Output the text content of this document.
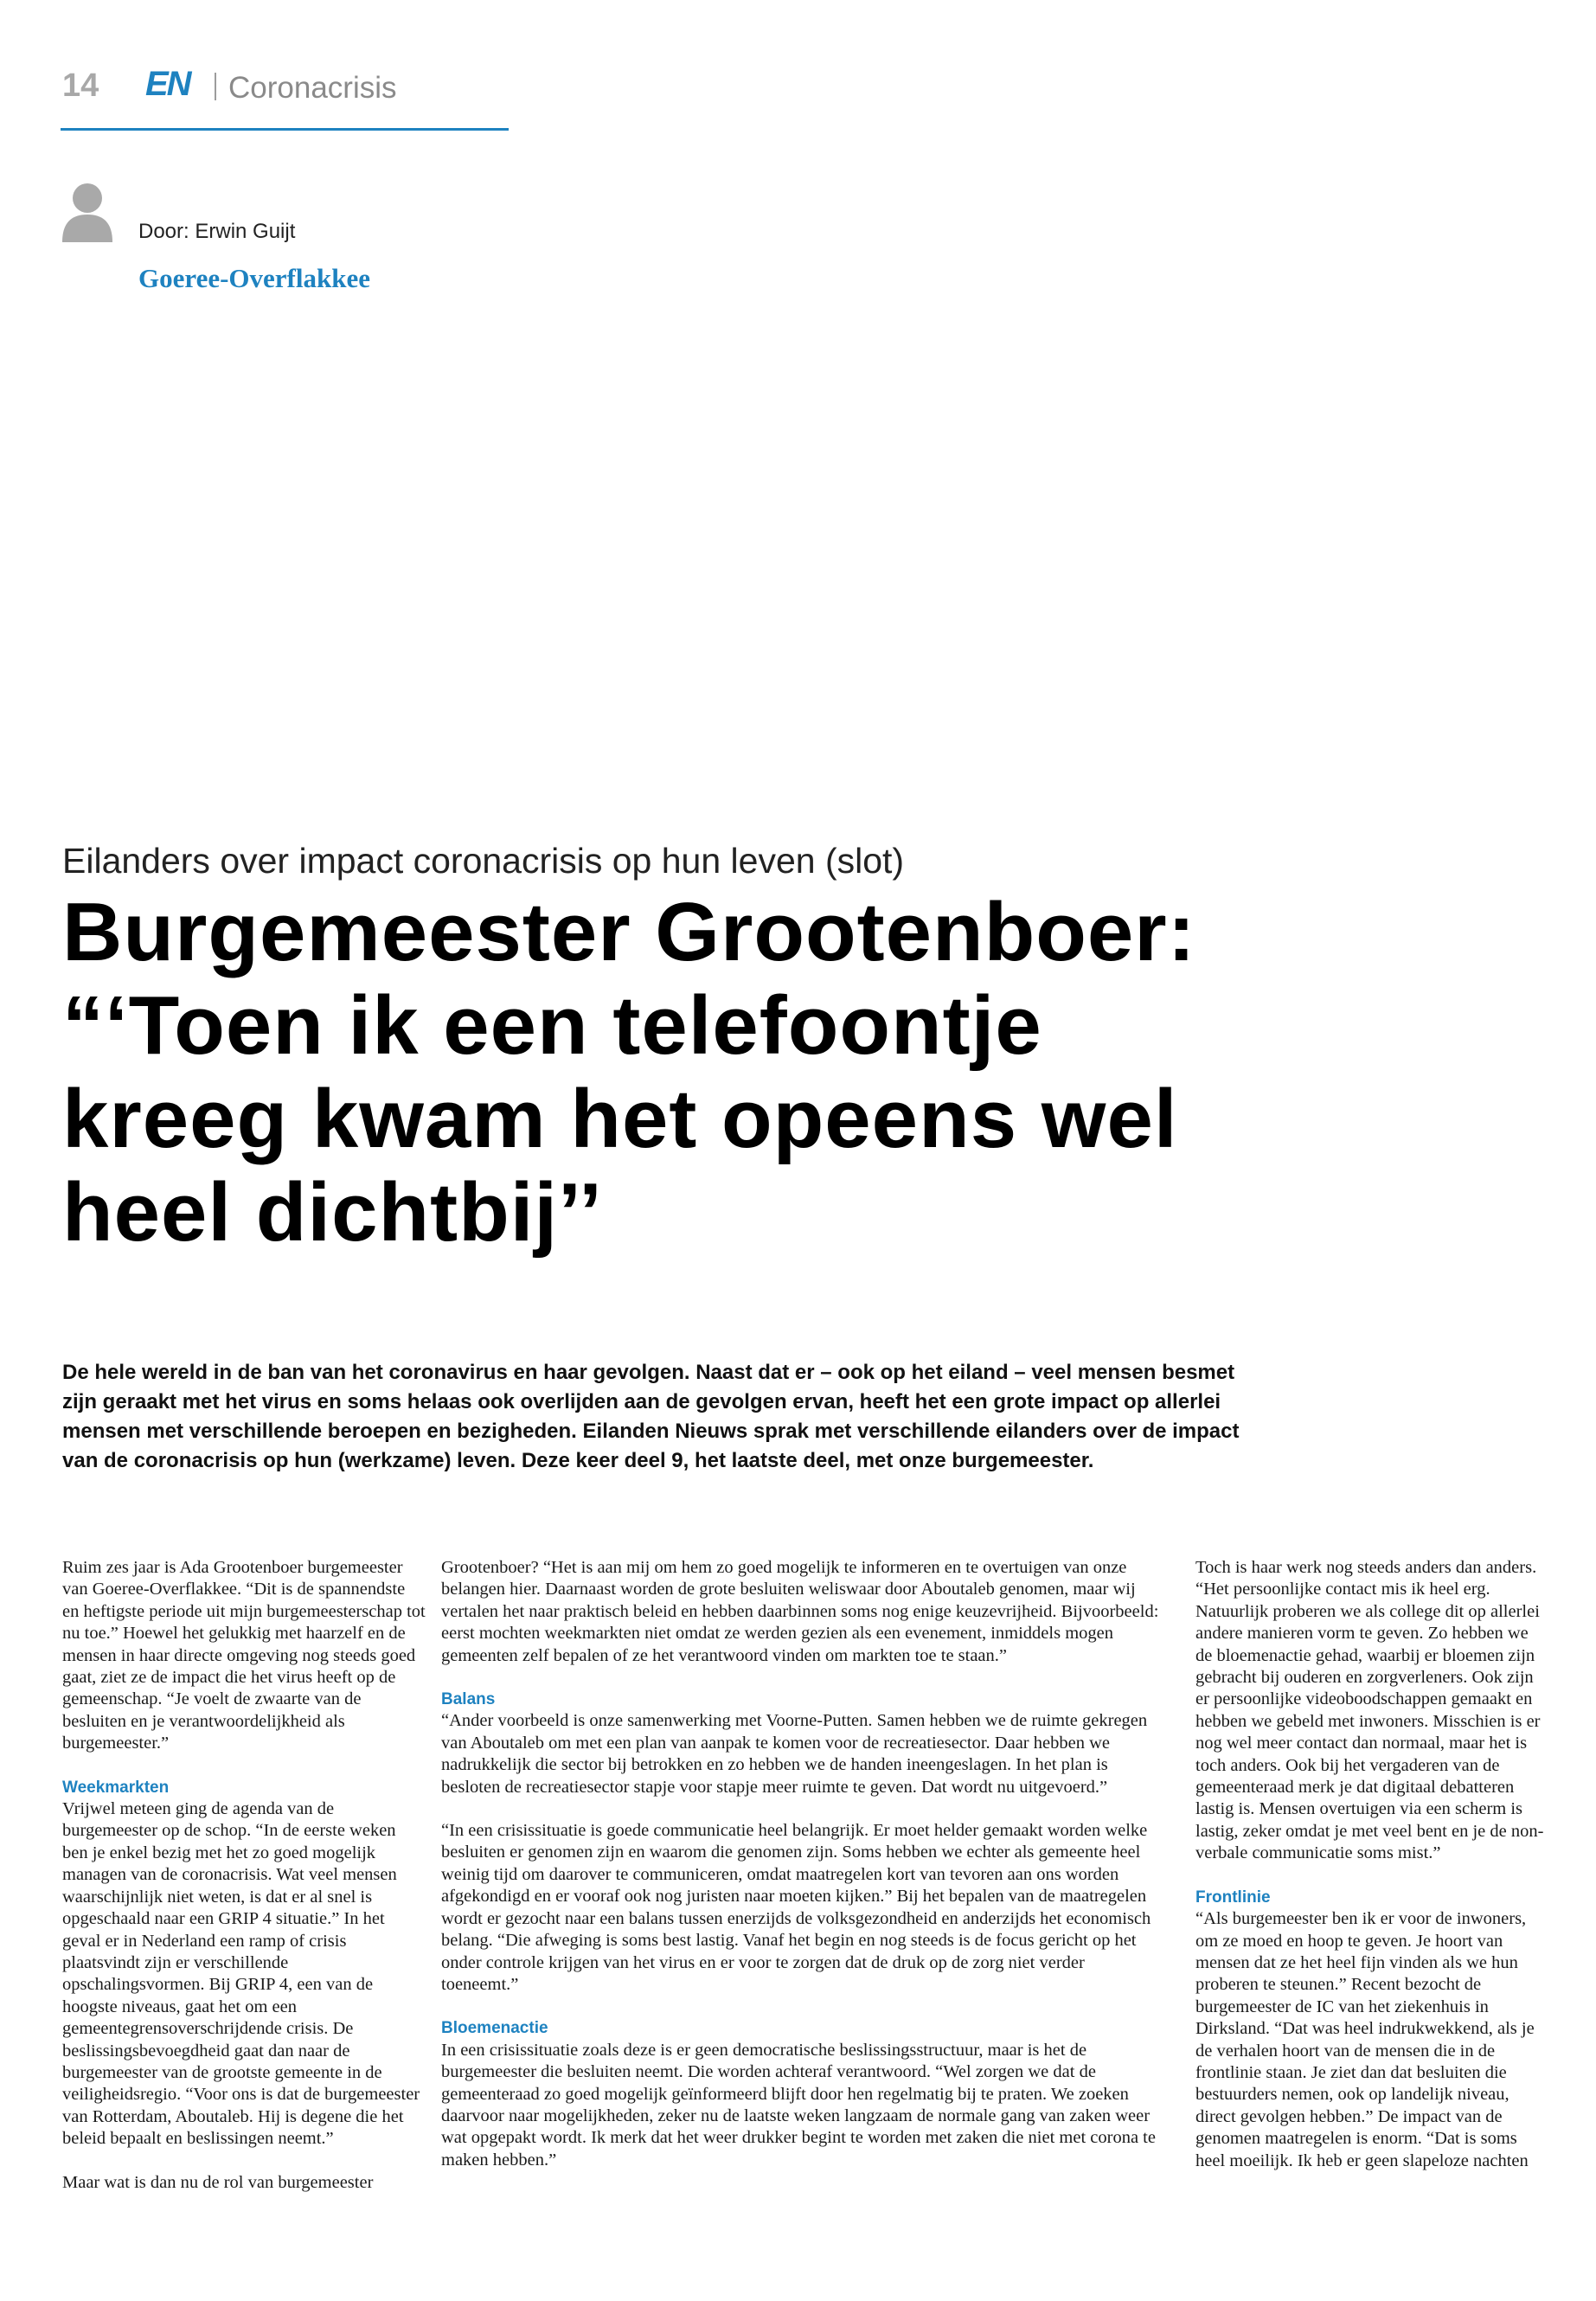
14 EN Coronacrisis
Door: Erwin Guijt
Goeree-Overflakkee
Eilanders over impact coronacrisis op hun leven (slot)
Burgemeester Grootenboer:
“‘Toen ik een telefoontje
kreeg kwam het opeens wel
heel dichtbij’’

De hele wereld in de ban van het coronavirus en haar gevolgen. Naast dat er – ook op het eiland – veel mensen besmet zijn geraakt met het virus en soms helaas ook overlijden aan de gevolgen ervan, heeft het een grote impact op allerlei mensen met verschillende beroepen en bezigheden. Eilanden Nieuws sprak met verschillende eilanders over de impact van de coronacrisis op hun (werkzame) leven. Deze keer deel 9, het laatste deel, met onze burgemeester.

Ruim zes jaar is Ada Grootenboer burgemeester van Goeree-Overflakkee. “Dit is de spannendste en heftigste periode uit mijn burgemeesterschap tot nu toe.” Hoewel het gelukkig met haarzelf en de mensen in haar directe omgeving nog steeds goed gaat, ziet ze de impact die het virus heeft op de gemeenschap. “Je voelt de zwaarte van de besluiten en je verantwoordelijkheid als burgemeester.”

Weekmarkten

Vrijwel meteen ging de agenda van de burgemeester op de schop. “In de eerste weken ben je enkel bezig met het zo goed mogelijk managen van de coronacrisis. Wat veel mensen waarschijnlijk niet weten, is dat er al snel is opgeschaald naar een GRIP 4 situatie.” In het geval er in Nederland een ramp of crisis plaatsvindt zijn er verschillende opschalingsvormen. Bij GRIP 4, een van de hoogste niveaus, gaat het om een gemeentegrensoverschrijdende crisis. De beslissingsbevoegdheid gaat dan naar de burgemeester van de grootste gemeente in de veiligheidsregio. “Voor ons is dat de burgemeester van Rotterdam, Aboutaleb. Hij is degene die het beleid bepaalt en beslissingen neemt.”

Maar wat is dan nu de rol van burgemeester

Grootenboer? “Het is aan mij om hem zo goed mogelijk te informeren en te overtuigen van onze belangen hier. Daarnaast worden de grote besluiten weliswaar door Aboutaleb genomen, maar wij vertalen het naar praktisch beleid en hebben daarbinnen soms nog enige keuzevrijheid. Bijvoorbeeld: eerst mochten weekmarkten niet omdat ze werden gezien als een evenement, inmiddels mogen gemeenten zelf bepalen of ze het verantwoord vinden om markten toe te staan.”

Balans

“Ander voorbeeld is onze samenwerking met Voorne-Putten. Samen hebben we de ruimte gekregen van Aboutaleb om met een plan van aanpak te komen voor de recreatiesector. Daar hebben we nadrukkelijk die sector bij betrokken en zo hebben we de handen ineengeslagen. In het plan is besloten de recreatiesector stapje voor stapje meer ruimte te geven. Dat wordt nu uitgevoerd.”

“In een crisissituatie is goede communicatie heel belangrijk. Er moet helder gemaakt worden welke besluiten er genomen zijn en waarom die genomen zijn. Soms hebben we echter als gemeente heel weinig tijd om daarover te communiceren, omdat maatregelen kort van tevoren aan ons worden afgekondigd en er vooraf ook nog juristen naar moeten kijken.” Bij het bepalen van de maatregelen wordt er gezocht naar een balans tussen enerzijds de volksgezondheid en anderzijds het economisch belang. “Die afweging is soms best lastig. Vanaf het begin en nog steeds is de focus gericht op het onder controle krijgen van het virus en er voor te zorgen dat de druk op de zorg niet verder toeneemt.”

Bloemenactie

In een crisissituatie zoals deze is er geen democratische beslissingsstructuur, maar is het de burgemeester die besluiten neemt. Die worden achteraf verantwoord. “Wel zorgen we dat de gemeenteraad zo goed mogelijk geïnformeerd blijft door hen regelmatig bij te praten. We zoeken daarvoor naar mogelijkheden, zeker nu de laatste weken langzaam de normale gang van zaken weer wat opgepakt wordt. Ik merk dat het weer drukker begint te worden met zaken die niet met corona te maken hebben.”

Toch is haar werk nog steeds anders dan anders. “Het persoonlijke contact mis ik heel erg. Natuurlijk proberen we als college dit op allerlei andere manieren vorm te geven. Zo hebben we de bloemenactie gehad, waarbij er bloemen zijn gebracht bij ouderen en zorgverleners. Ook zijn er persoonlijke videoboodschappen gemaakt en hebben we gebeld met inwoners. Misschien is er nog wel meer contact dan normaal, maar het is toch anders. Ook bij het vergaderen van de gemeenteraad merk je dat digitaal debatteren lastig is. Mensen overtuigen via een scherm is lastig, zeker omdat je met veel bent en je de non-verbale communicatie soms mist.”

Frontlinie

“Als burgemeester ben ik er voor de inwoners, om ze moed en hoop te geven. Je hoort van mensen dat ze het heel fijn vinden als we hun proberen te steunen.” Recent bezocht de burgemeester de IC van het ziekenhuis in Dirksland. “Dat was heel indrukwekkend, als je de verhalen hoort van de mensen die in de frontlinie staan. Je ziet dan dat besluiten die bestuurders nemen, ook op landelijk niveau, direct gevolgen hebben.” De impact van de genomen maatregelen is enorm. “Dat is soms heel moeilijk. Ik heb er geen slapeloze nachten
